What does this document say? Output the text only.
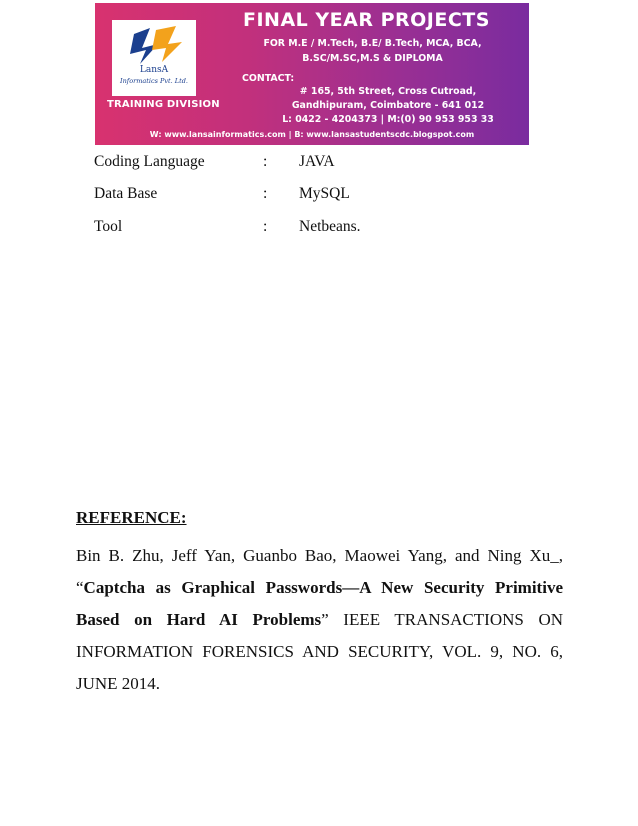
LansA
Informatics Pvt. Ltd.
TRAINING DIVISION
FINAL YEAR PROJECTS
FOR M.E / M.Tech, B.E/ B.Tech, MCA, BCA,
B.SC/M.SC,M.S & DIPLOMA
CONTACT:
# 165, 5th Street, Cross Cutroad,
Gandhipuram, Coimbatore - 641 012
L: 0422 - 4204373 | M:(0) 90 953 953 33
W: www.lansainformatics.com | B: www.lansastudentscdc.blogspot.com
Coding Language	: JAVA
Data Base	: MySQL
Tool	: Netbeans.
REFERENCE:
Bin B. Zhu, Jeff Yan, Guanbo Bao, Maowei Yang, and Ning Xu_, “Captcha as Graphical Passwords—A New Security Primitive Based on Hard AI Problems” IEEE TRANSACTIONS ON INFORMATION FORENSICS AND SECURITY, VOL. 9, NO. 6, JUNE 2014.
